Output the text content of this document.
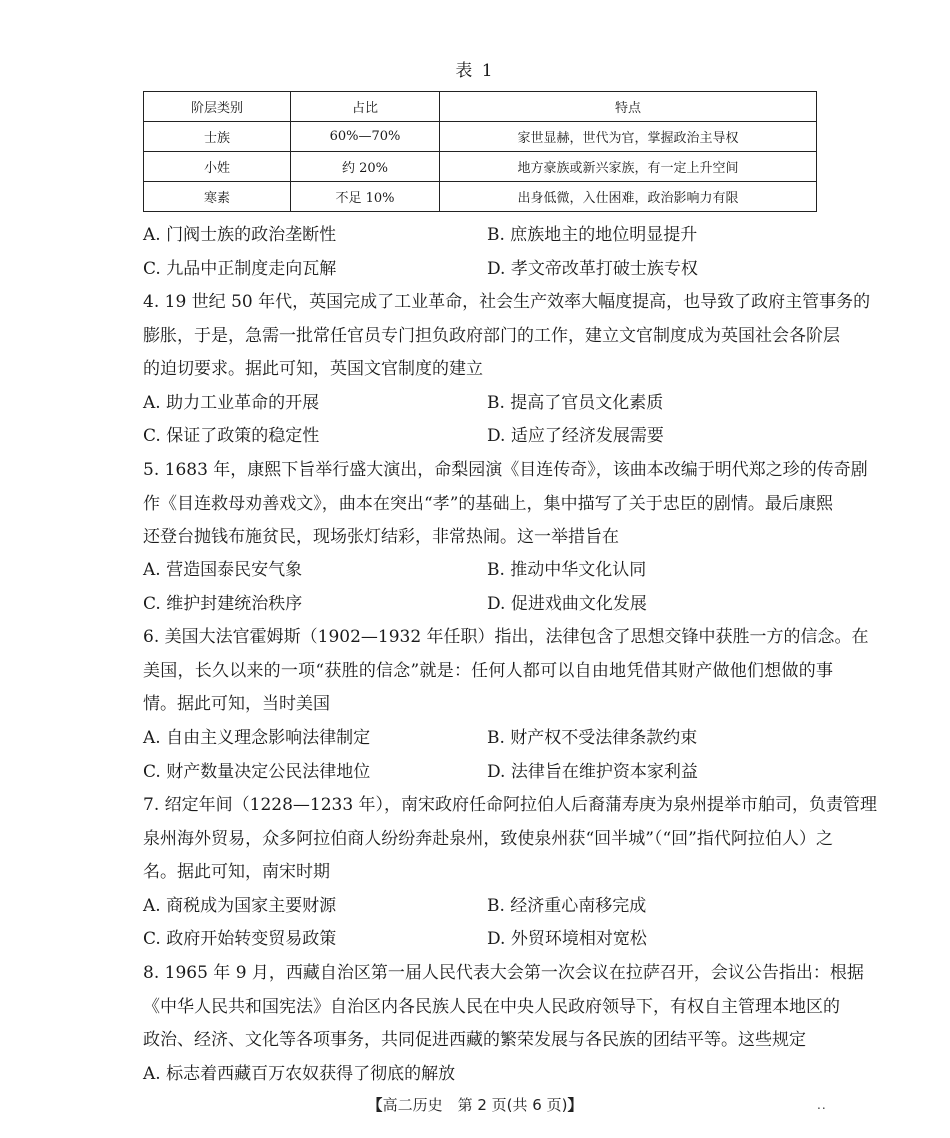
表 1
阶层类别	占比	特点
士族	60%—70%	家世显赫，世代为官，掌握政治主导权
小姓	约 20%	地方豪族或新兴家族，有一定上升空间
寒素	不足 10%	出身低微，入仕困难，政治影响力有限
A. 门阀士族的政治垄断性	B. 庶族地主的地位明显提升
C. 九品中正制度走向瓦解	D. 孝文帝改革打破士族专权
4. 19 世纪 50 年代，英国完成了工业革命，社会生产效率大幅度提高，也导致了政府主管事务的
膨胀，于是，急需一批常任官员专门担负政府部门的工作，建立文官制度成为英国社会各阶层
的迫切要求。据此可知，英国文官制度的建立
A. 助力工业革命的开展	B. 提高了官员文化素质
C. 保证了政策的稳定性	D. 适应了经济发展需要
5. 1683 年，康熙下旨举行盛大演出，命梨园演《目连传奇》，该曲本改编于明代郑之珍的传奇剧
作《目连救母劝善戏文》，曲本在突出“孝”的基础上，集中描写了关于忠臣的剧情。最后康熙
还登台抛钱布施贫民，现场张灯结彩，非常热闹。这一举措旨在
A. 营造国泰民安气象	B. 推动中华文化认同
C. 维护封建统治秩序	D. 促进戏曲文化发展
6. 美国大法官霍姆斯（1902—1932 年任职）指出，法律包含了思想交锋中获胜一方的信念。在
美国，长久以来的一项“获胜的信念”就是：任何人都可以自由地凭借其财产做他们想做的事
情。据此可知，当时美国
A. 自由主义理念影响法律制定	B. 财产权不受法律条款约束
C. 财产数量决定公民法律地位	D. 法律旨在维护资本家利益
7. 绍定年间（1228—1233 年），南宋政府任命阿拉伯人后裔蒲寿庚为泉州提举市舶司，负责管理
泉州海外贸易，众多阿拉伯商人纷纷奔赴泉州，致使泉州获“回半城”（“回”指代阿拉伯人）之
名。据此可知，南宋时期
A. 商税成为国家主要财源	B. 经济重心南移完成
C. 政府开始转变贸易政策	D. 外贸环境相对宽松
8. 1965 年 9 月，西藏自治区第一届人民代表大会第一次会议在拉萨召开，会议公告指出：根据
《中华人民共和国宪法》自治区内各民族人民在中央人民政府领导下，有权自主管理本地区的
政治、经济、文化等各项事务，共同促进西藏的繁荣发展与各民族的团结平等。这些规定
A. 标志着西藏百万农奴获得了彻底的解放
【高二历史　第 2 页(共 6 页)】	..
